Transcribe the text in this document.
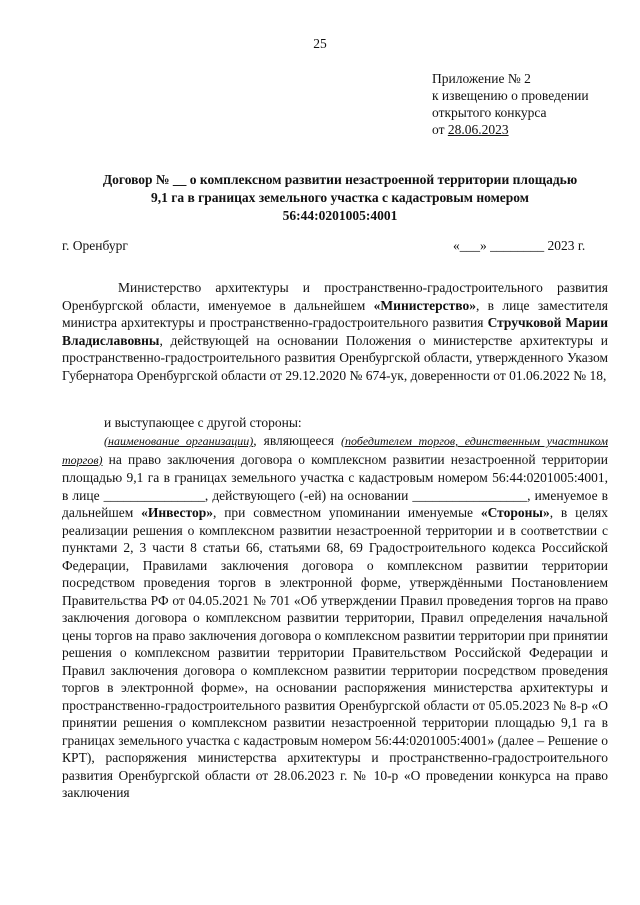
25
Приложение № 2
к извещению о проведении
открытого конкурса
от 28.06.2023
Договор № __ о комплексном развитии незастроенной территории площадью
9,1 га в границах земельного участка с кадастровым номером
56:44:0201005:4001
г. Оренбург	«___» ________ 2023 г.
Министерство архитектуры и пространственно-градостроительного развития Оренбургской области, именуемое в дальнейшем «Министерство», в лице заместителя министра архитектуры и пространственно-градостроительного развития Стручковой Марии Владиславовны, действующей на основании Положения о министерстве архитектуры и пространственно-градостроительного развития Оренбургской области, утвержденного Указом Губернатора Оренбургской области от 29.12.2020 № 674-ук, доверенности от 01.06.2022 № 18,
и выступающее с другой стороны:
(наименование организации), являющееся (победителем торгов, единственным участником торгов) на право заключения договора о комплексном развитии незастроенной территории площадью 9,1 га в границах земельного участка с кадастровым номером 56:44:0201005:4001, в лице _______________, действующего (-ей) на основании _________________, именуемое в дальнейшем «Инвестор», при совместном упоминании именуемые «Стороны», в целях реализации решения о комплексном развитии незастроенной территории и в соответствии с пунктами 2, 3 части 8 статьи 66, статьями 68, 69 Градостроительного кодекса Российской Федерации, Правилами заключения договора о комплексном развитии территории посредством проведения торгов в электронной форме, утверждёнными Постановлением Правительства РФ от 04.05.2021 № 701 «Об утверждении Правил проведения торгов на право заключения договора о комплексном развитии территории, Правил определения начальной цены торгов на право заключения договора о комплексном развитии территории при принятии решения о комплексном развитии территории Правительством Российской Федерации и Правил заключения договора о комплексном развитии территории посредством проведения торгов в электронной форме», на основании распоряжения министерства архитектуры и пространственно-градостроительного развития Оренбургской области от 05.05.2023 № 8-р «О принятии решения о комплексном развитии незастроенной территории площадью 9,1 га в границах земельного участка с кадастровым номером 56:44:0201005:4001» (далее – Решение о КРТ), распоряжения министерства архитектуры и пространственно-градостроительного развития Оренбургской области от 28.06.2023 г. № 10-р «О проведении конкурса на право заключения
